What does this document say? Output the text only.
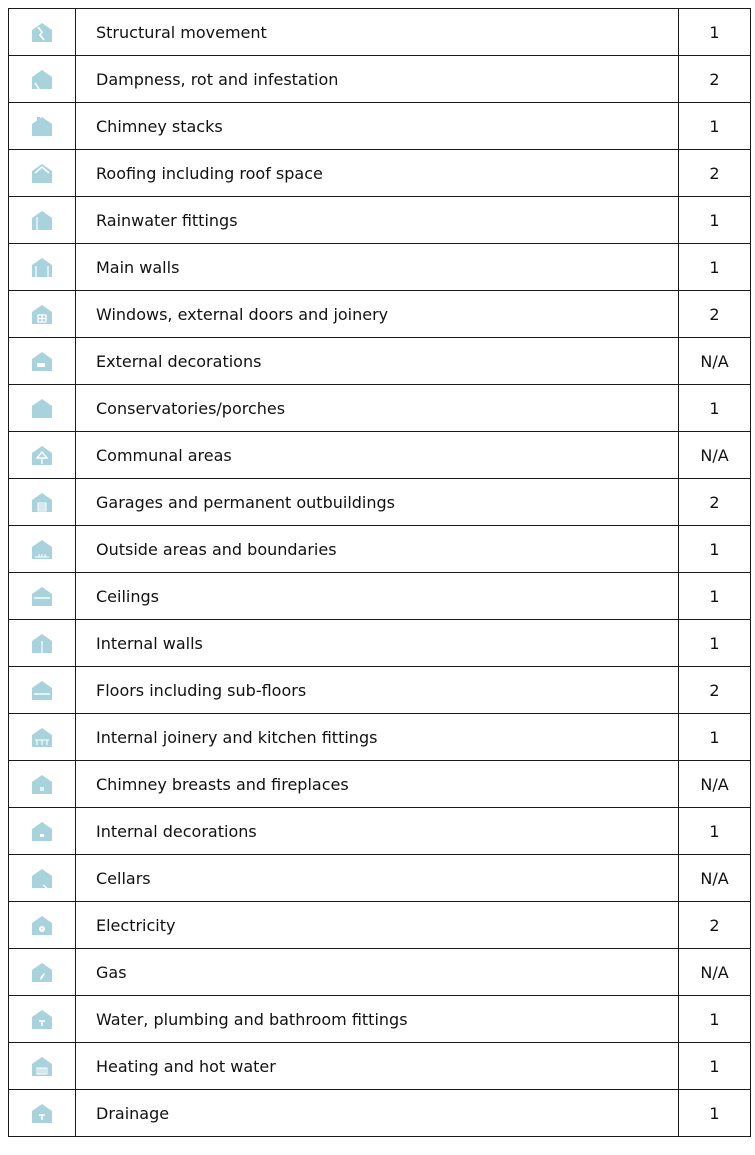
	Structural movement	1

	Dampness, rot and infestation	2

	Chimney stacks	1

	Roofing including roof space	2

	Rainwater fittings	1

	Main walls	1

	Windows, external doors and joinery	2

	External decorations	N/A

	Conservatories/porches	1

	Communal areas	N/A

	Garages and permanent outbuildings	2

	Outside areas and boundaries	1

	Ceilings	1

	Internal walls	1

	Floors including sub-floors	2

	Internal joinery and kitchen fittings	1

	Chimney breasts and fireplaces	N/A

	Internal decorations	1

	Cellars	N/A

	Electricity	2

	Gas	N/A

	Water, plumbing and bathroom fittings	1

	Heating and hot water	1

	Drainage	1
